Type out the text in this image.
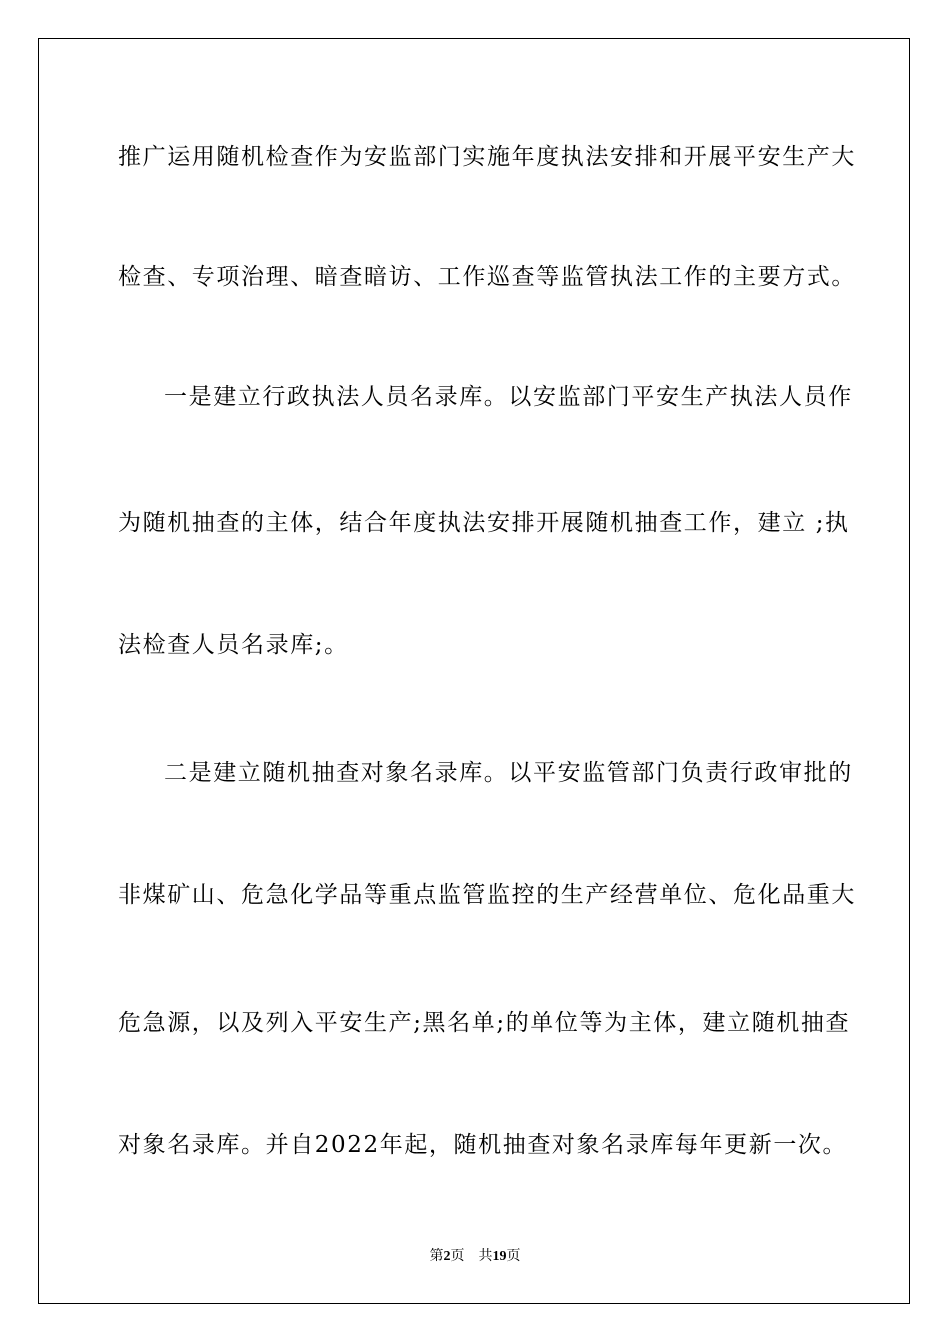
推广运用随机检查作为安监部门实施年度执法安排和开展平安生产大
检查、专项治理、暗查暗访、工作巡查等监管执法工作的主要方式。
一是建立行政执法人员名录库。以安监部门平安生产执法人员作
为随机抽查的主体，结合年度执法安排开展随机抽查工作，建立 ;执
法检查人员名录库;。
二是建立随机抽查对象名录库。以平安监管部门负责行政审批的
非煤矿山、危急化学品等重点监管监控的生产经营单位、危化品重大
危急源，以及列入平安生产;黑名单;的单位等为主体，建立随机抽查
对象名录库。并自2022年起，随机抽查对象名录库每年更新一次。
第2页 共19页
